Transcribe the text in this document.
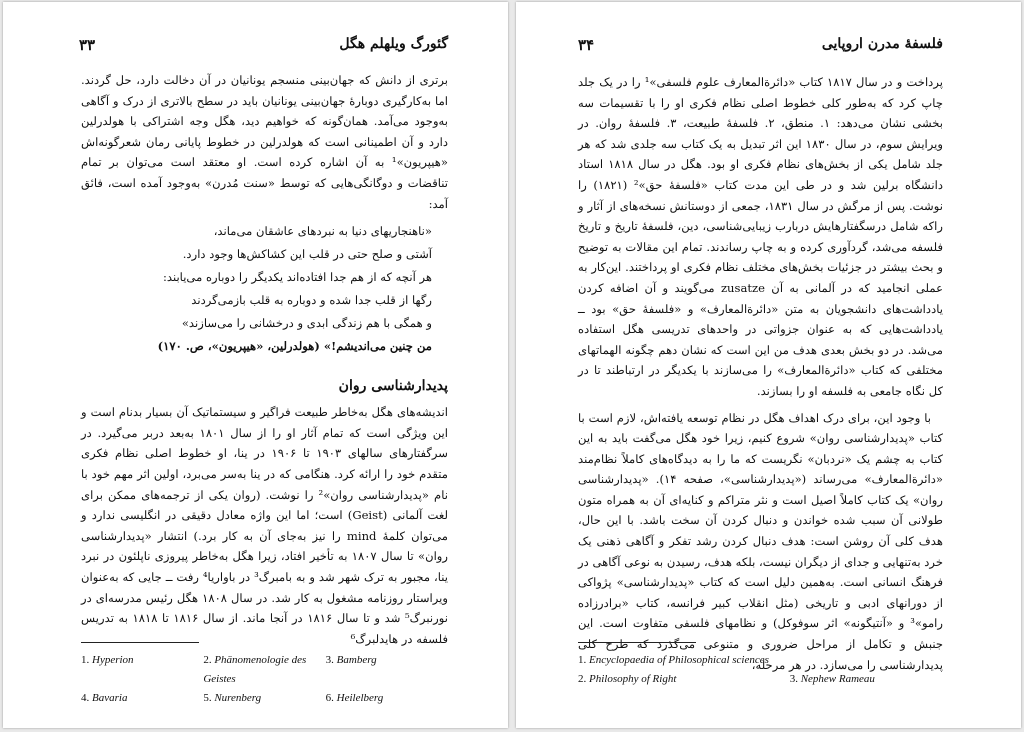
۳۳	گئورگ ویلهلم هگل

برتری از دانش که جهان‌بینی منسجم یونانیان در آن دخالت دارد، حل گردند. اما به‌کارگیری دوبارهٔ جهان‌بینی یونانیان باید در سطح بالاتری از درک و آگاهی به‌وجود می‌آمد. همان‌گونه که خواهیم دید، هگل وجه اشتراکی با هولدرلین دارد و آن اطمینانی است که هولدرلین در خطوط پایانی رمان شعرگونه‌اش «هیپریون»¹ به آن اشاره کرده است. او معتقد است می‌توان بر تمام تناقضات و دوگانگی‌هایی که توسط «سنت مُدرن» به‌وجود آمده است، فائق آمد:

«ناهنجاریهای دنیا به نبردهای عاشقان می‌ماند،
آشتی و صلح حتی در قلب این کشاکش‌ها وجود دارد.
هر آنچه که از هم جدا افتاده‌اند یکدیگر را دوباره می‌یابند:
رگها از قلب جدا شده و دوباره به قلب بازمی‌گردند
و همگی با هم زندگی ابدی و درخشانی را می‌سازند»
من چنین می‌اندیشم!» (هولدرلین، «هیپریون»، ص. ۱۷۰)
پدیدارشناسی روان

اندیشه‌های هگل به‌خاطر طبیعت فراگیر و سیستماتیک آن بسیار بدنام است و این ویژگی است که تمام آثار او را از سال ۱۸۰۱ به‌بعد دربر می‌گیرد. در سرگفتارهای سالهای ۱۹۰۳ تا ۱۹۰۶ در ینا، او خطوط اصلی نظام فکری متقدم خود را ارائه کرد. هنگامی که در ینا به‌سر می‌برد، اولین اثر مهم خود با نام «پدیدارشناسی روان»² را نوشت. (روان یکی از ترجمه‌های ممکن برای لغت آلمانی (Geist) است؛ اما این واژه معادل دقیقی در انگلیسی ندارد و می‌توان کلمهٔ mind را نیز به‌جای آن به کار برد.) انتشار «پدیدارشناسی روان» تا سال ۱۸۰۷ به تأخیر افتاد، زیرا هگل به‌خاطر پیروزی ناپلئون در نبرد ینا، مجبور به ترک شهر شد و به بامبرگ³ در باواریا⁴ رفت ــ جایی که به‌عنوان ویراستار روزنامه مشغول به کار شد. در سال ۱۸۰۸ هگل رئیس مدرسه‌ای در نورنبرگ⁵ شد و تا سال ۱۸۱۶ در آنجا ماند. از سال ۱۸۱۶ تا ۱۸۱۸ به تدریس فلسفه در هایدلبرگ⁶

1. Hyperion	2. Phänomenologie des Geistes
3. Bamberg
4. Bavaria	5. Nurenberg	6. Heilelberg
۳۴	فلسفهٔ مدرن اروپایی

پرداخت و در سال ۱۸۱۷ کتاب «دائرةالمعارف علوم فلسفی»¹ را در یک جلد چاپ کرد که به‌طور کلی خطوط اصلی نظام فکری او را با تقسیمات سه بخشی نشان می‌دهد: ۱. منطق، ۲. فلسفهٔ طبیعت، ۳. فلسفهٔ روان. در ویرایش سوم، در سال ۱۸۳۰ این اثر تبدیل به یک کتاب سه جلدی شد که هر جلد شامل یکی از بخش‌های نظام فکری او بود. هگل در سال ۱۸۱۸ استاد دانشگاه برلین شد و در طی این مدت کتاب «فلسفهٔ حق»² (۱۸۲۱) را نوشت. پس از مرگش در سال ۱۸۳۱، جمعی از دوستانش نسخه‌های از آثار و راکه شامل درسگفتارهایش دربارب زیبایی‌شناسی، دین، فلسفهٔ تاریخ و تاریخ فلسفه می‌شد، گردآوری کرده و به چاپ رساندند. تمام این مقالات به توضیح و بحث بیشتر در جزئیات بخش‌های مختلف نظام فکری او پرداختند. این‌کار به عملی انجامید که در آلمانی به آن zusatze می‌گویند و آن اضافه کردن یادداشت‌های دانشجویان به متن «دائرةالمعارف» و «فلسفهٔ حق» بود ــ یادداشت‌هایی که به عنوان جزواتی در واحدهای تدریسی هگل استفاده می‌شد. در دو بخش بعدی هدف من این است که نشان دهم چگونه الهماتهای مختلفی که کتاب «دائرةالمعارف» را می‌سازند با یکدیگر در ارتباطند تا در کل نگاه جامعی به فلسفه او را بسازند.

با وجود این، برای درک اهداف هگل در نظام توسعه یافته‌اش، لازم است با کتاب «پدیدارشناسی روان» شروع کنیم، زیرا خود هگل می‌گفت باید به این کتاب به چشم یک «نردبان» نگریست که ما را به دیدگاه‌های کاملاً نظام‌مند «دائرةالمعارف» می‌رساند («پدیدارشناسی»، صفحه ۱۴). «پدیدارشناسی روان» یک کتاب کاملاً اصیل است و نثر متراکم و کنایه‌ای آن به همراه متون طولانی آن سبب شده خواندن و دنبال کردن آن سخت باشد. با این حال، هدف کلی آن روشن است: هدف دنبال کردن رشد تفکر و آگاهی ذهنی یک خرد به‌تنهایی و جدای از دیگران نیست، بلکه هدف، رسیدن به نوعی آگاهی در فرهنگ انسانی است. به‌همین دلیل است که کتاب «پدیدارشناسی» پژواکی از دورانهای ادبی و تاریخی (مثل انقلاب کبیر فرانسه، کتاب «برادرزاده رامو»³ و «آنتیگونه» اثر سوفوکل) و نظامهای فلسفی متفاوت است. این جنبش و تکامل از مراحل ضروری و متنوعی می‌گذرد که طرح کلی پدیدارشناسی را می‌سازد. در هر مرحله،

1. Encyclopaedia of Philosophical sciences
2. Philosophy of Right	3. Nephew Rameau
